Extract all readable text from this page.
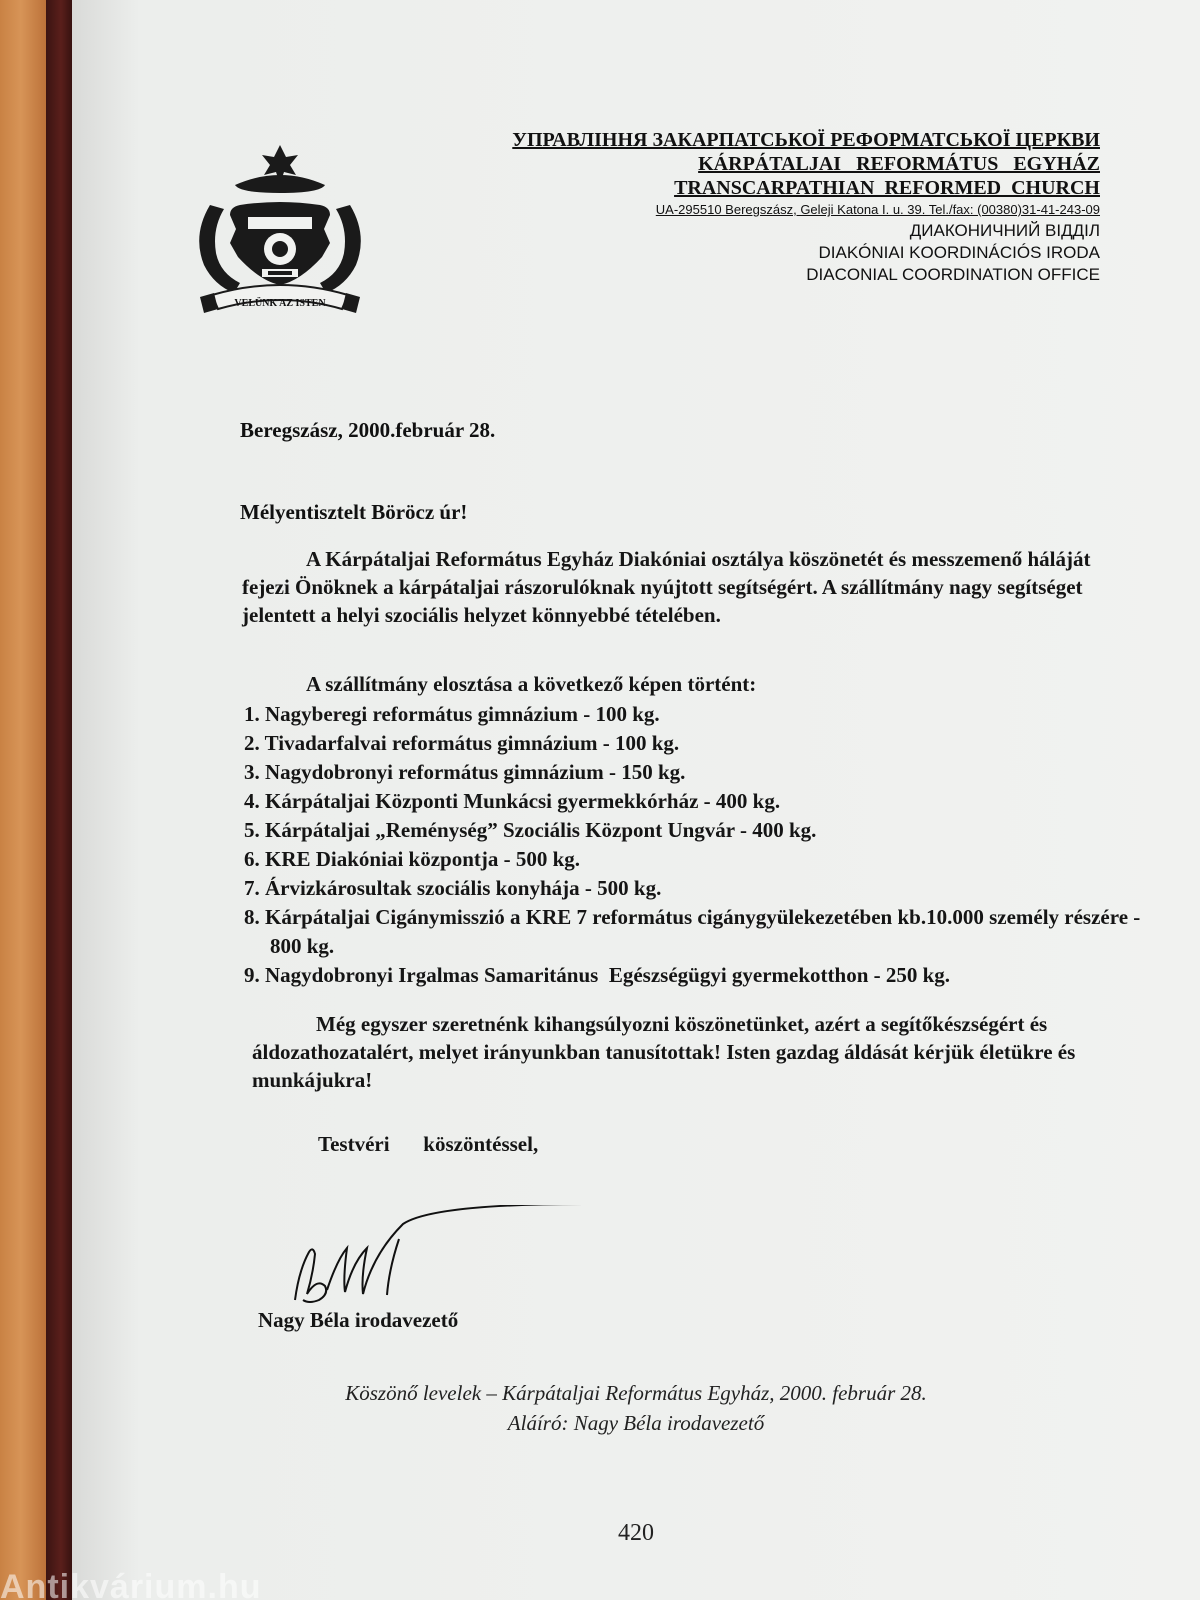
VELÜNK AZ ISTEN
УПРАВЛІННЯ ЗАКАРПАТСЬКОЇ РЕФОРМАТСЬКОЇ ЦЕРКВИ
KÁRPÁTALJAI   REFORMÁTUS   EGYHÁZ
TRANSCARPATHIAN  REFORMED  CHURCH
UA-295510 Beregszász, Geleji Katona I. u. 39. Tel./fax: (00380)31-41-243-09
ДИАКОНИЧНИЙ ВІДДІЛ
DIAKÓNIAI KOORDINÁCIÓS IRODA
DIACONIAL COORDINATION OFFICE
Beregszász, 2000.február 28.
Mélyentisztelt Böröcz úr!
A Kárpátaljai Református Egyház Diakóniai osztálya köszönetét és messzemenő háláját fejezi Önöknek a kárpátaljai rászorulóknak nyújtott segítségért. A szállítmány nagy segítséget jelentett a helyi szociális helyzet könnyebbé tételében.
A szállítmány elosztása a következő képen történt:
1. Nagyberegi református gimnázium - 100 kg.
2. Tivadarfalvai református gimnázium - 100 kg.
3. Nagydobronyi református gimnázium - 150 kg.
4. Kárpátaljai Központi Munkácsi gyermekkórház - 400 kg.
5. Kárpátaljai „Reménység” Szociális Központ Ungvár - 400 kg.
6. KRE Diakóniai központja - 500 kg.
7. Árvizkárosultak szociális konyhája - 500 kg.
8. Kárpátaljai Cigánymisszió a KRE 7 református cigánygyülekezetében kb.10.000 személy részére - 800 kg.
9. Nagydobronyi Irgalmas Samaritánus  Egészségügyi gyermekotthon - 250 kg.
Még egyszer szeretnénk kihangsúlyozni köszönetünket, azért a segítőkészségért és áldozathozatalért, melyet irányunkban tanusítottak! Isten gazdag áldását kérjük életükre és munkájukra!
Testvéri   köszöntéssel,
Nagy Béla irodavezető
Köszönő levelek – Kárpátaljai Református Egyház, 2000. február 28.
Aláíró: Nagy Béla irodavezető
420
Antikvárium.hu
